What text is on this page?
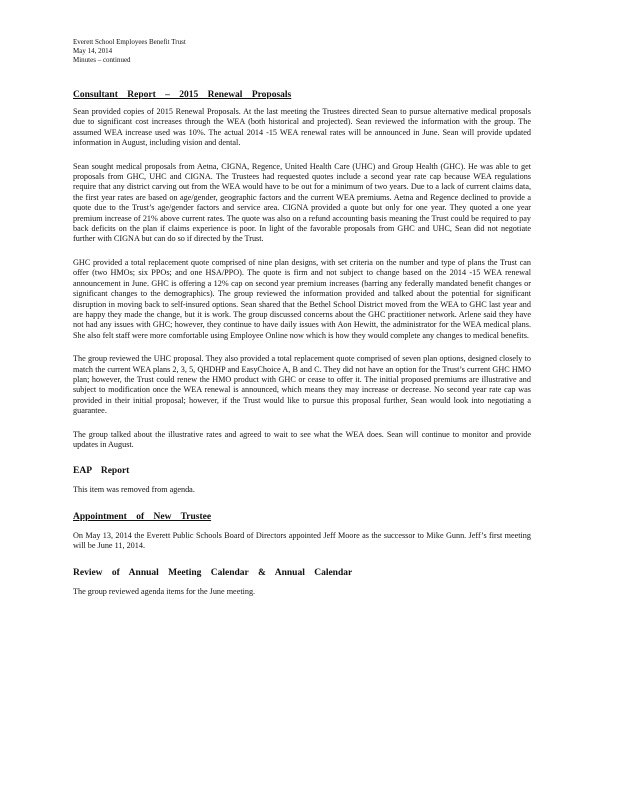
Everett School Employees Benefit Trust

May 14, 2014

Minutes – continued

Consultant Report – 2015 Renewal Proposals

Sean provided copies of 2015 Renewal Proposals. At the last meeting the Trustees directed Sean to pursue alternative medical proposals due to significant cost increases through the WEA (both historical and projected). Sean reviewed the information with the group. The assumed WEA increase used was 10%. The actual 2014 -15 WEA renewal rates will be announced in June. Sean will provide updated information in August, including vision and dental.

Sean sought medical proposals from Aetna, CIGNA, Regence, United Health Care (UHC) and Group Health (GHC). He was able to get proposals from GHC, UHC and CIGNA. The Trustees had requested quotes include a second year rate cap because WEA regulations require that any district carving out from the WEA would have to be out for a minimum of two years. Due to a lack of current claims data, the first year rates are based on age/gender, geographic factors and the current WEA premiums. Aetna and Regence declined to provide a quote due to the Trust’s age/gender factors and service area. CIGNA provided a quote but only for one year. They quoted a one year premium increase of 21% above current rates. The quote was also on a refund accounting basis meaning the Trust could be required to pay back deficits on the plan if claims experience is poor. In light of the favorable proposals from GHC and UHC, Sean did not negotiate further with CIGNA but can do so if directed by the Trust.

GHC provided a total replacement quote comprised of nine plan designs, with set criteria on the number and type of plans the Trust can offer (two HMOs; six PPOs; and one HSA/PPO). The quote is firm and not subject to change based on the 2014 -15 WEA renewal announcement in June. GHC is offering a 12% cap on second year premium increases (barring any federally mandated benefit changes or significant changes to the demographics). The group reviewed the information provided and talked about the potential for significant disruption in moving back to self-insured options. Sean shared that the Bethel School District moved from the WEA to GHC last year and are happy they made the change, but it is work. The group discussed concerns about the GHC practitioner network. Arlene said they have not had any issues with GHC; however, they continue to have daily issues with Aon Hewitt, the administrator for the WEA medical plans. She also felt staff were more comfortable using Employee Online now which is how they would complete any changes to medical benefits.

The group reviewed the UHC proposal. They also provided a total replacement quote comprised of seven plan options, designed closely to match the current WEA plans 2, 3, 5, QHDHP and EasyChoice A, B and C. They did not have an option for the Trust’s current GHC HMO plan; however, the Trust could renew the HMO product with GHC or cease to offer it. The initial proposed premiums are illustrative and subject to modification once the WEA renewal is announced, which means they may increase or decrease. No second year rate cap was provided in their initial proposal; however, if the Trust would like to pursue this proposal further, Sean would look into negotiating a guarantee.

The group talked about the illustrative rates and agreed to wait to see what the WEA does. Sean will continue to monitor and provide updates in August.

EAP Report

This item was removed from agenda.

Appointment of New Trustee

On May 13, 2014 the Everett Public Schools Board of Directors appointed Jeff Moore as the successor to Mike Gunn. Jeff’s first meeting will be June 11, 2014.

Review of Annual Meeting Calendar & Annual Calendar

The group reviewed agenda items for the June meeting.
